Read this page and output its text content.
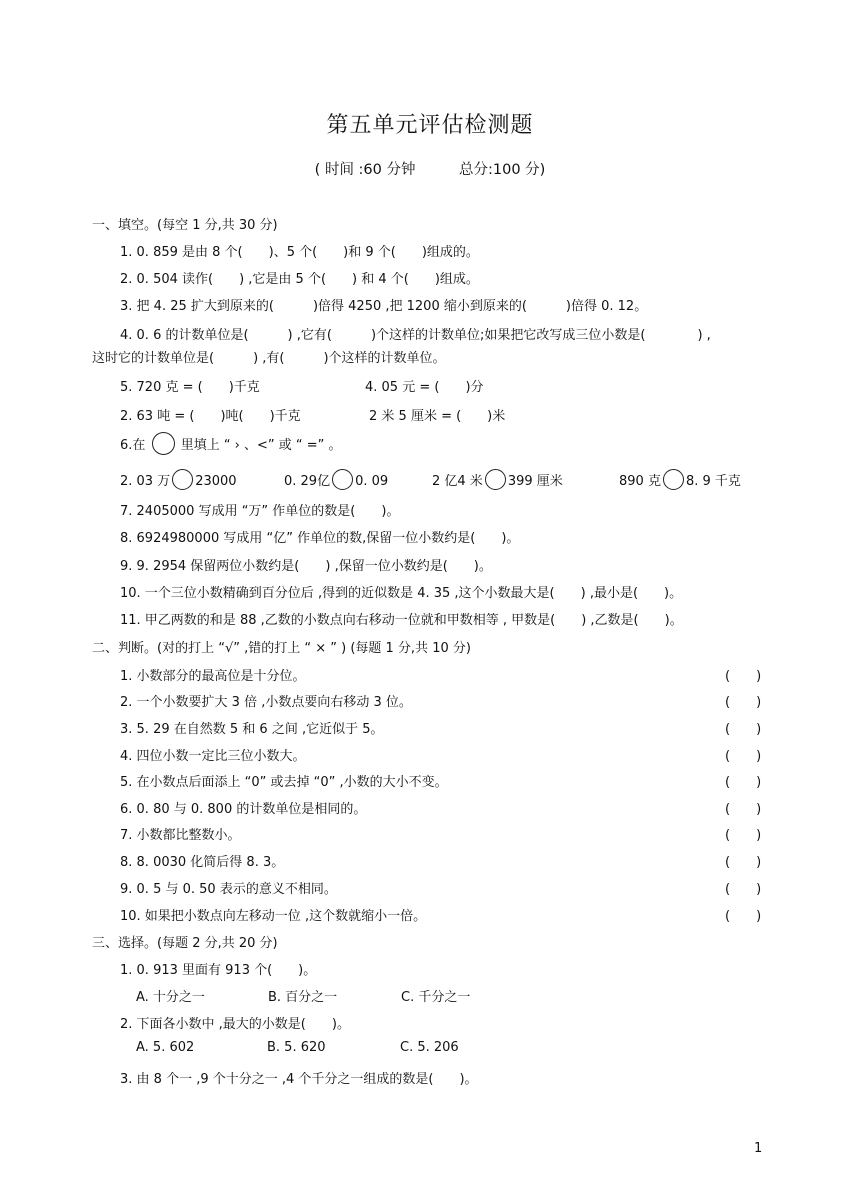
第五单元评估检测题
( 时间 :60 分钟　　　总分:100 分)
一、填空。(每空 1 分,共 30 分)
1. 0. 859 是由 8 个(　　)、5 个(　　)和 9 个(　　)组成的。
2. 0. 504 读作(　　) ,它是由 5 个(　　) 和 4 个(　　)组成。
3. 把 4. 25 扩大到原来的(　　　)倍得 4250 ,把 1200 缩小到原来的(　　　)倍得 0. 12。
4. 0. 6 的计数单位是(　　　) ,它有(　　　)个这样的计数单位;如果把它改写成三位小数是(　　　　) ,
这时它的计数单位是(　　　) ,有(　　　)个这样的计数单位。
5. 720 克 = (　　)千克	4. 05 元 = (　　)分
2. 63 吨 = (　　)吨(　　)千克	2 米 5 厘米 = (　　)米
6.在	里填上 “ › 、<” 或 “ =” 。
2. 03 万 23000	0. 29亿 0. 09	2 亿4 米 399 厘米	890 克 8. 9 千克
7. 2405000 写成用 “万” 作单位的数是(　　)。
8. 6924980000 写成用 “亿” 作单位的数,保留一位小数约是(　　)。
9. 9. 2954 保留两位小数约是(　　) ,保留一位小数约是(　　)。
10. 一个三位小数精确到百分位后 ,得到的近似数是 4. 35 ,这个小数最大是(　　) ,最小是(　　)。
11. 甲乙两数的和是 88 ,乙数的小数点向右移动一位就和甲数相等 , 甲数是(　　) ,乙数是(　　)。
二、判断。(对的打上 “√” ,错的打上 “ × ” ) (每题 1 分,共 10 分)
1. 小数部分的最高位是十分位。	(　　)
2. 一个小数要扩大 3 倍 ,小数点要向右移动 3 位。	(　　)
3. 5. 29 在自然数 5 和 6 之间 ,它近似于 5。	(　　)
4. 四位小数一定比三位小数大。	(　　)
5. 在小数点后面添上 “0” 或去掉 “0” ,小数的大小不变。	(　　)
6. 0. 80 与 0. 800 的计数单位是相同的。	(　　)
7. 小数都比整数小。	(　　)
8. 8. 0030 化简后得 8. 3。	(　　)
9. 0. 5 与 0. 50 表示的意义不相同。	(　　)
10. 如果把小数点向左移动一位 ,这个数就缩小一倍。	(　　)
三、选择。(每题 2 分,共 20 分)
1. 0. 913 里面有 913 个(　　)。
A. 十分之一	B. 百分之一	C. 千分之一
2. 下面各小数中 ,最大的小数是(　　)。
A. 5. 602	B. 5. 620	C. 5. 206
3. 由 8 个一 ,9 个十分之一 ,4 个千分之一组成的数是(　　)。
1
